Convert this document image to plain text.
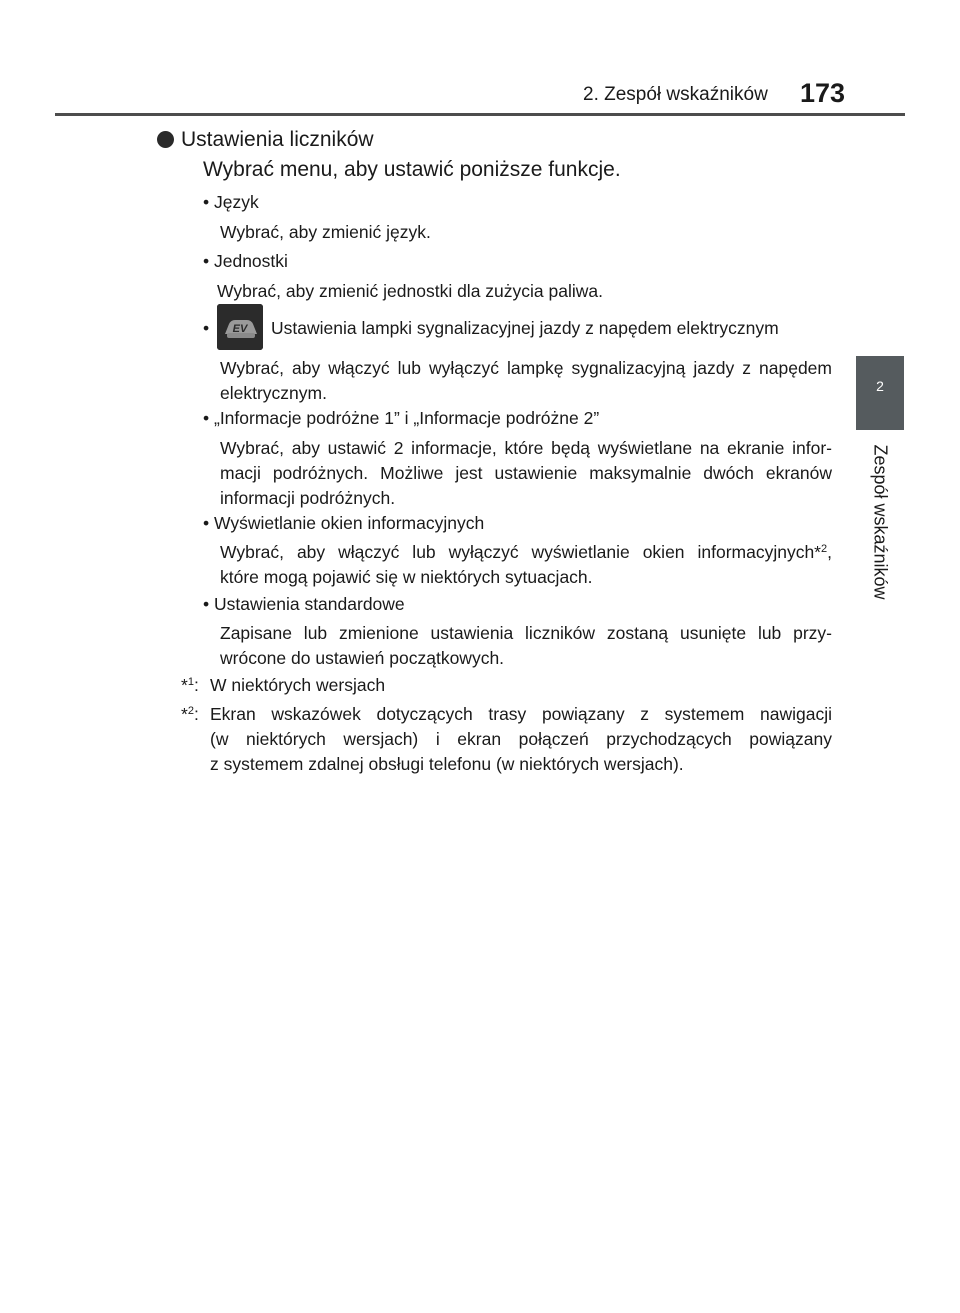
2. Zespół wskaźników 173
2
Zespół wskaźników
Ustawienia liczników
Wybrać menu, aby ustawić poniższe funkcje.
• Język
Wybrać, aby zmienić język.
• Jednostki
Wybrać, aby zmienić jednostki dla zużycia paliwa.
• EV Ustawienia lampki sygnalizacyjnej jazdy z napędem elektrycznym
Wybrać, aby włączyć lub wyłączyć lampkę sygnalizacyjną jazdy z napędem
elektrycznym.
• „Informacje podróżne 1” i „Informacje podróżne 2”
Wybrać, aby ustawić 2 informacje, które będą wyświetlane na ekranie infor-
macji podróżnych. Możliwe jest ustawienie maksymalnie dwóch ekranów
informacji podróżnych.
• Wyświetlanie okien informacyjnych
Wybrać, aby włączyć lub wyłączyć wyświetlanie okien informacyjnych*$^2$,
które mogą pojawić się w niektórych sytuacjach.
• Ustawienia standardowe
Zapisane lub zmienione ustawienia liczników zostaną usunięte lub przy-
wrócone do ustawień początkowych.
*$^1$: W niektórych wersjach
*$^2$: Ekran wskazówek dotyczących trasy powiązany z systemem nawigacji
(w niektórych wersjach) i ekran połączeń przychodzących powiązany
z systemem zdalnej obsługi telefonu (w niektórych wersjach).
